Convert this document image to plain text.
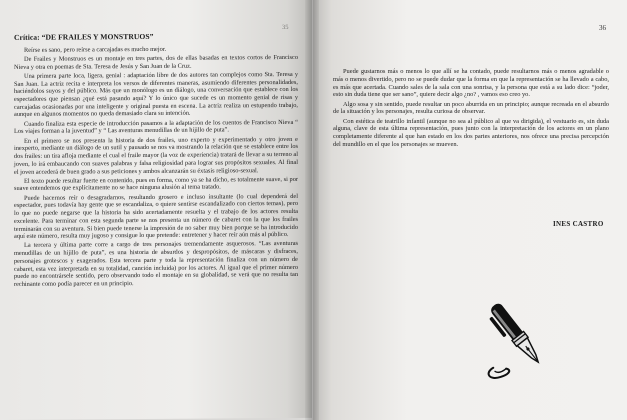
35
Crítica: “DE FRAILES Y MONSTRUOS”

Reírse es sano, pero reírse a carcajadas es mucho mejor.

De Frailes y Monstruos es un montaje en tres partes, dos de ellas basadas en textos cortos de Francisco Nieva y otra en poemas de Sta. Teresa de Jesús y San Juan de la Cruz.

Una primera parte loca, ligera, genial : adaptación libre de dos autores tan complejos como Sta. Teresa y San Juan. La actriz recita e interpreta los versos de diferentes maneras, asumiendo diferentes personalidades, haciéndolos suyos y del público. Más que un monólogo es un diálogo, una conversación que establece con los espectadores que piensan ¿qué está pasando aquí? Y lo único que sucede es un momento genial de risas y carcajadas ocasionadas por una inteligente y original puesta en escena. La actriz realiza un estupendo trabajo, aunque en algunos momentos no queda demasiado clara su intención.

Cuando finaliza esta especie de introducción pasamos a la adaptación de los cuentos de Francisco Nieva “ Los viajes forman a la juventud” y “ Las aventuras menudillas de un hijillo de puta”.

En el primero se nos presenta la historia de dos frailes, uno experto y experimentado y otro joven e inexperto, mediante un diálogo de un sutil y pausado se nos va mostrando la relación que se establece entre los dos frailes: un tira afloja mediante el cual el fraile mayor (la voz de experiencia) tratará de llevar a su terreno al joven, lo irá embaucando con suaves palabras y falsa religiosidad para lograr sus propósitos sexuales. Al final el joven accederá de buen grado a sus peticiones y ambos alcanzarán su éxtasis religioso-sexual.

El texto puede resultar fuerte en contenido, pues en forma, como ya se ha dicho, es totalmente suave, si por suave entendemos que explícitamente no se hace ninguna alusión al tema tratado.

Puede hacernos reír o desagradarnos, resultando grosero e incluso insultante (lo cual dependerá del espectador, pues todavía hay gente que se escandaliza, o quiere sentirse escandalizado con ciertos temas), pero lo que no puede negarse que la historia ha sido acertadamente resuelta y el trabajo de los actores resulta excelente. Para terminar con esta segunda parte se nos presenta un número de cabaret con la que los frailes terminarán con su aventura. Si bien puede tenerse la impresión de no saber muy bien porque se ha introducido aquí este número, resulta muy jugoso y consigue lo que pretende: entretener y hacer reír aún más al público.

La tercera y última parte corre a cargo de tres personajes tremendamente asquerosos. “Las aventuras menudillas de un hijillo de puta”, es una historia de absurdos y despropósitos, de máscaras y disfraces, personajes grotescos y exagerados. Esta tercera parte y toda la representación finaliza con un número de cabaret, esta vez interpretada en su totalidad, canción incluida) por los actores. Al igual que el primer número puede no encontrársele sentido, pero observando todo el montaje en su globalidad, se verá que no resulta tan rechinante como podía parecer en un principio.

36

Puede gustarnos más o menos lo que allí se ha contado, puede resultarnos más o menos agradable o más o menos divertido, pero no se puede dudar que la forma en que la representación se ha llevado a cabo, es más que acertada. Cuando sales de la sala con una sonrisa, y la persona que está a su lado dice: “joder, esto sin duda tiene que ser sano”, quiere decir algo ¿no? , vamos eso creo yo.

Algo sosa y sin sentido, puede resultar un poco aburrida en un principio; aunque recreada en el absurdo de la situación y los personajes, resulta curiosa de observar.

Con estética de teatrillo infantil (aunque no sea al público al que va dirigida), el vestuario es, sin duda alguna, clave de esta última representación, pues junto con la interpretación de los actores en un plano completamente diferente al que han estado en los dos partes anteriores, nos ofrece una precisa percepción del mundillo en el que los personajes se mueven.

INES CASTRO
